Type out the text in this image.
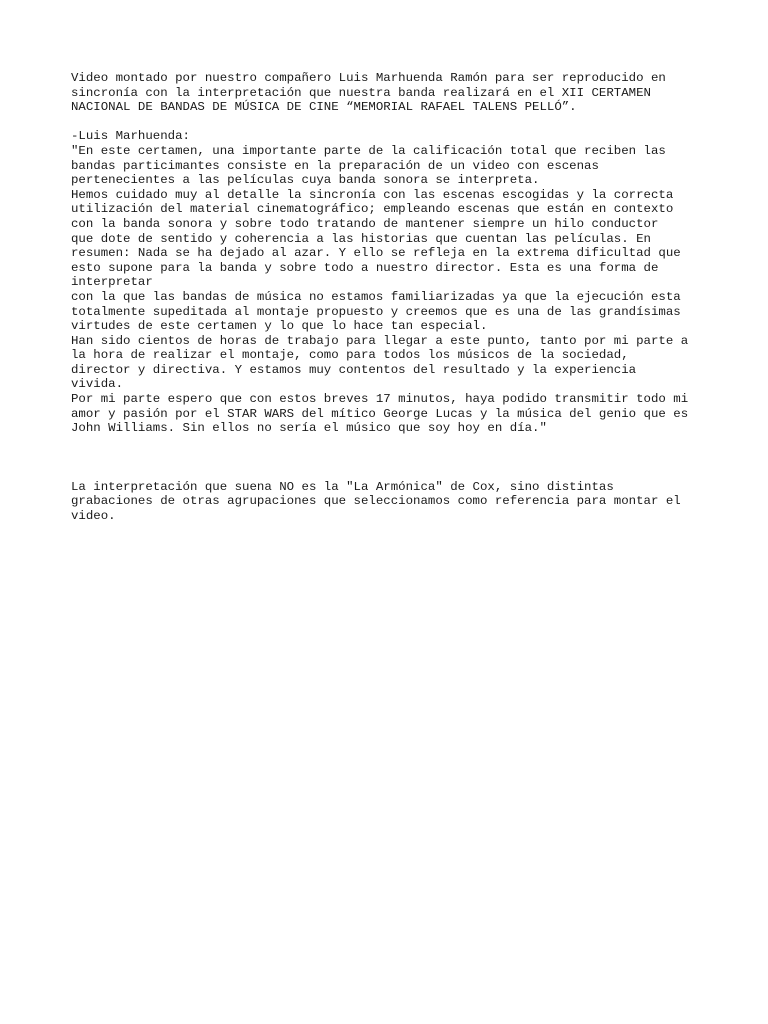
Video montado por nuestro compañero Luis Marhuenda Ramón para ser reproducido en
sincronía con la interpretación que nuestra banda realizará en el XII CERTAMEN
NACIONAL DE BANDAS DE MÚSICA DE CINE “MEMORIAL RAFAEL TALENS PELLÓ”.
-Luis Marhuenda:
"En este certamen, una importante parte de la calificación total que reciben las
bandas particimantes consiste en la preparación de un video con escenas
pertenecientes a las películas cuya banda sonora se interpreta.
Hemos cuidado muy al detalle la sincronía con las escenas escogidas y la correcta
utilización del material cinematográfico; empleando escenas que están en contexto
con la banda sonora y sobre todo tratando de mantener siempre un hilo conductor
que dote de sentido y coherencia a las historias que cuentan las películas. En
resumen: Nada se ha dejado al azar. Y ello se refleja en la extrema dificultad que
esto supone para la banda y sobre todo a nuestro director. Esta es una forma de
interpretar
con la que las bandas de música no estamos familiarizadas ya que la ejecución esta
totalmente supeditada al montaje propuesto y creemos que es una de las grandísimas
virtudes de este certamen y lo que lo hace tan especial.
Han sido cientos de horas de trabajo para llegar a este punto, tanto por mi parte a
la hora de realizar el montaje, como para todos los músicos de la sociedad,
director y directiva. Y estamos muy contentos del resultado y la experiencia
vivida.
Por mi parte espero que con estos breves 17 minutos, haya podido transmitir todo mi
amor y pasión por el STAR WARS del mítico George Lucas y la música del genio que es
John Williams. Sin ellos no sería el músico que soy hoy en día."
La interpretación que suena NO es la "La Armónica" de Cox, sino distintas
grabaciones de otras agrupaciones que seleccionamos como referencia para montar el
video.
